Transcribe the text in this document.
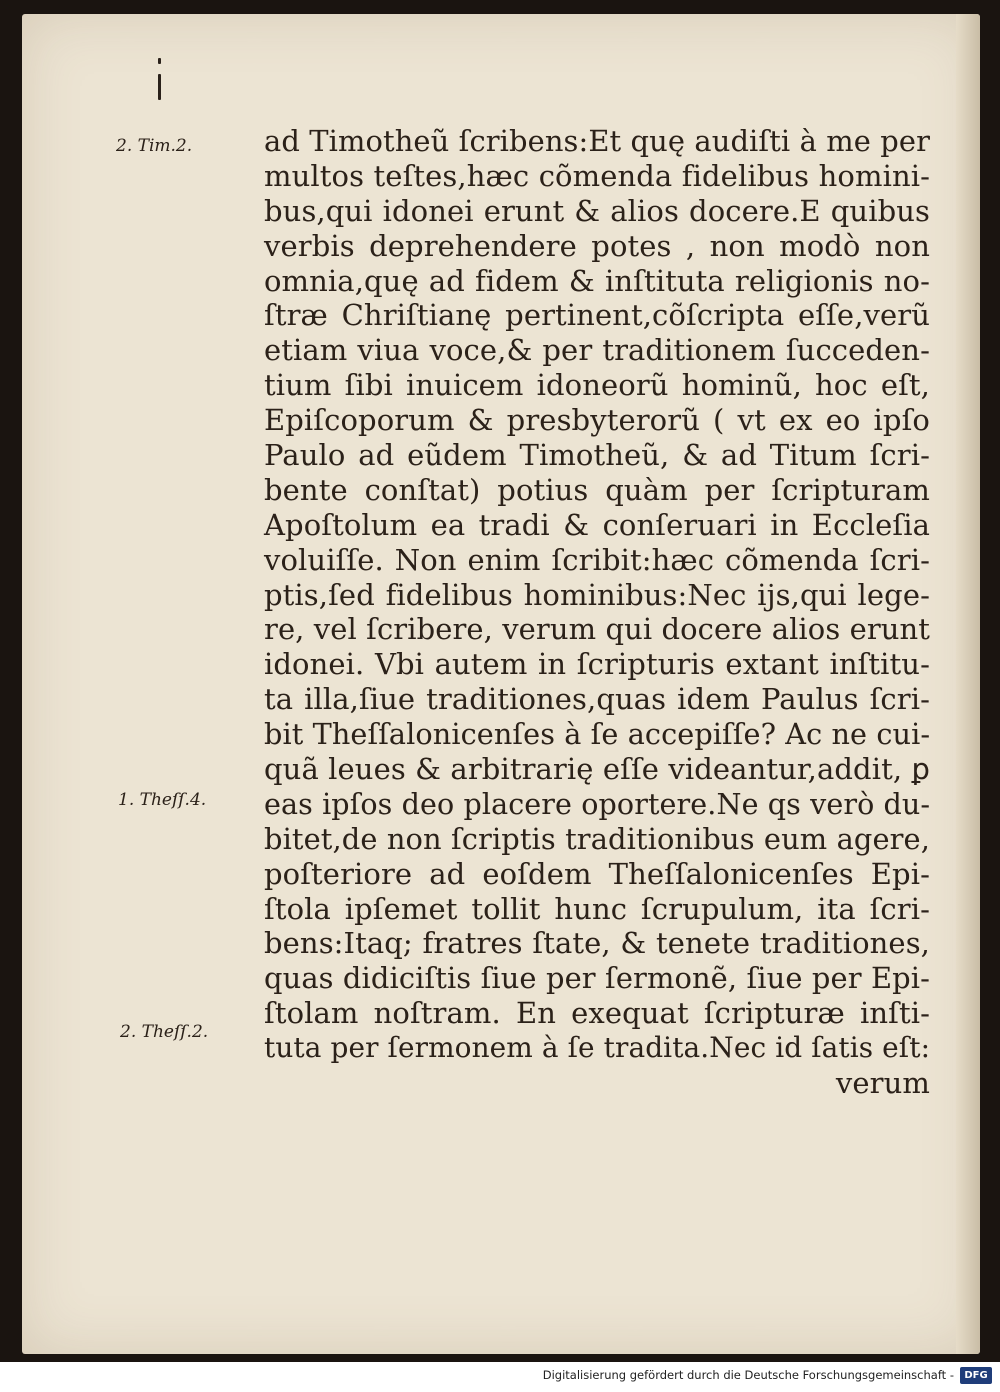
2. Tim.2.
1. Theſſ.4.
2. Theſſ.2.
ad Timotheũ ſcribens:Et quę audiſti à me per
multos teſtes,hæc cõmenda fidelibus homini-
bus,qui idonei erunt & alios docere.E quibus
verbis deprehendere potes , non modò non
omnia,quę ad fidem & inſtituta religionis no-
ſtræ Chriſtianę pertinent,cõſcripta eſſe,verũ
etiam viua voce,& per traditionem ſucceden-
tium ſibi inuicem idoneorũ hominũ, hoc eſt,
Epiſcoporum & presbyterorũ ( vt ex eo ipſo
Paulo ad eũdem Timotheũ, & ad Titum ſcri-
bente conſtat) potius quàm per ſcripturam
Apoſtolum ea tradi & conſeruari in Eccleſia
voluiſſe. Non enim ſcribit:hæc cõmenda ſcri-
ptis,ſed fidelibus hominibus:Nec ijs,qui lege-
re, vel ſcribere, verum qui docere alios erunt
idonei. Vbi autem in ſcripturis extant inſtitu-
ta illa,ſiue traditiones,quas idem Paulus ſcri-
bit Theſſalonicenſes à ſe accepiſſe? Ac ne cui-
quã leues & arbitrarię eſſe videantur,addit, ꝑ
eas ipſos deo placere oportere.Ne qs verò du-
bitet,de non ſcriptis traditionibus eum agere,
poſteriore ad eoſdem Theſſalonicenſes Epi-
ſtola ipſemet tollit hunc ſcrupulum, ita ſcri-
bens:Itaq; fratres ſtate, & tenete traditiones,
quas didiciſtis ſiue per ſermonẽ, ſiue per Epi-
ſtolam noſtram. En exequat ſcripturæ inſti-
tuta per ſermonem à ſe tradita.Nec id ſatis eſt:
verum
Digitalisierung gefördert durch die Deutsche Forschungsgemeinschaft -	DFG
